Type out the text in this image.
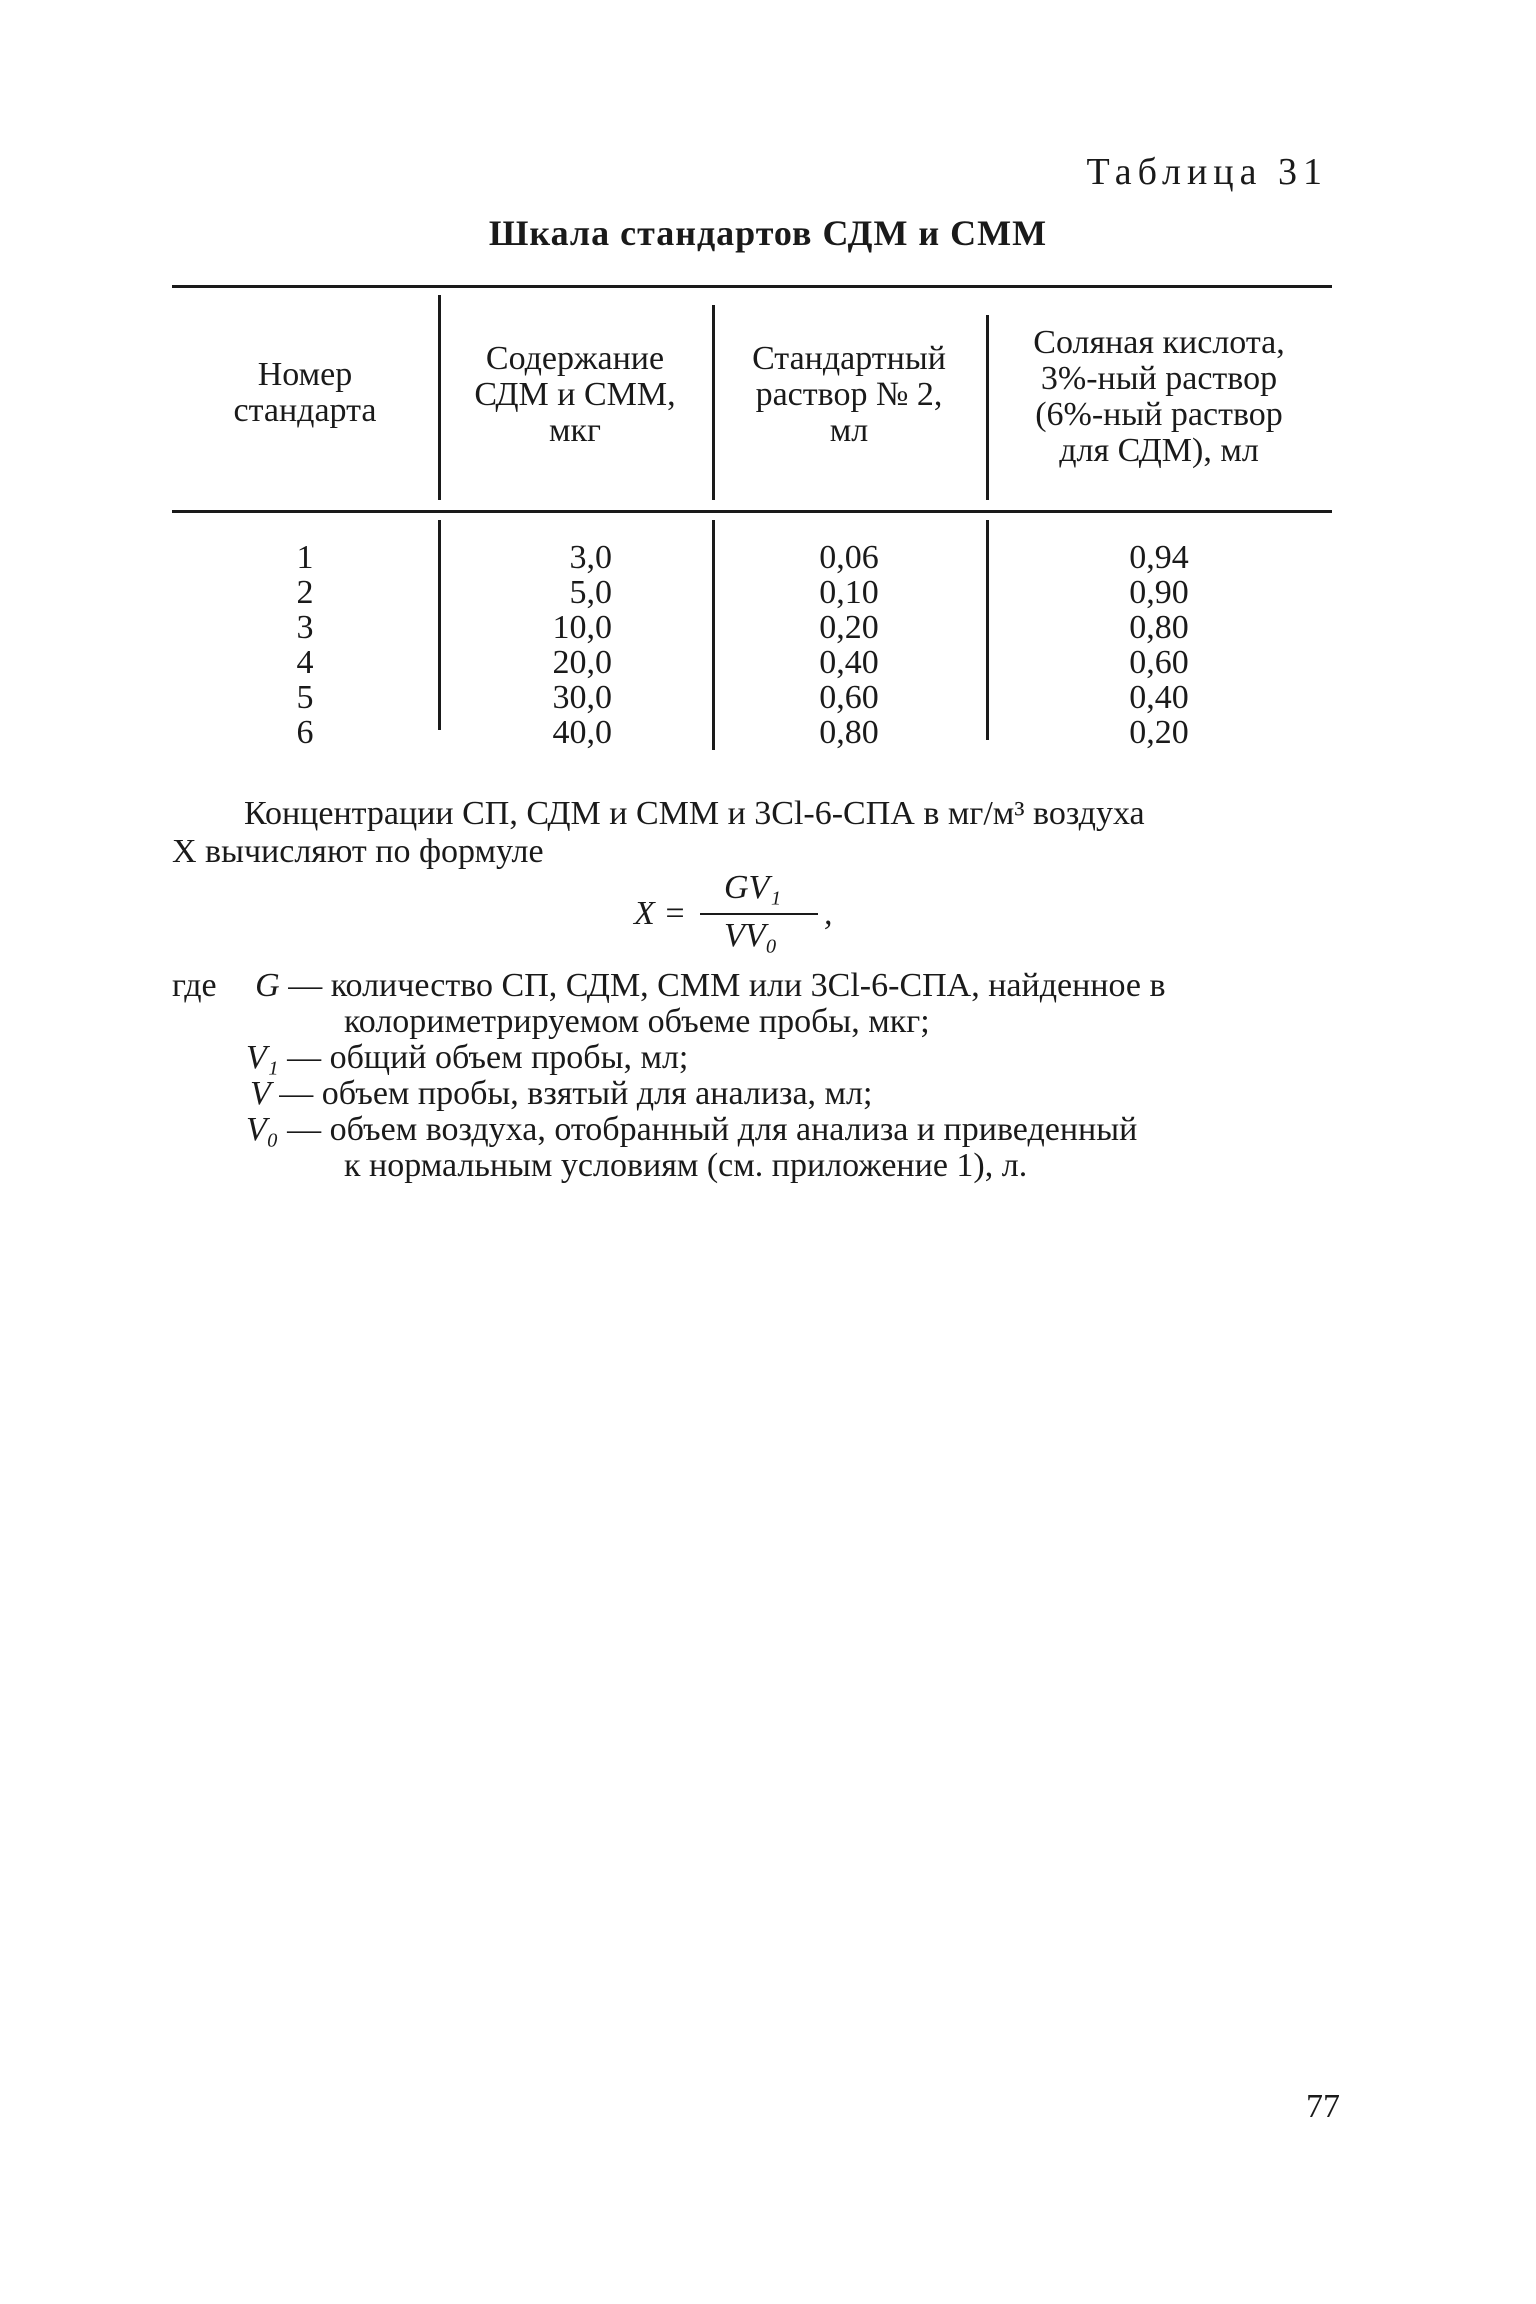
Таблица 31
Шкала стандартов СДМ и СММ
Номер
стандарта
Содержание
СДМ и СММ,
мкг
Стандартный
раствор № 2,
мл
Соляная кислота,
3%-ный раствор
(6%-ный раствор
для СДМ), мл
1
2
3
4
5
6
3,0
5,0
10,0
20,0
30,0
40,0
0,06
0,10
0,20
0,40
0,60
0,80
0,94
0,90
0,80
0,60
0,40
0,20
Концентрации СП, СДМ и СММ и 3Cl-6-СПА в мг/м³ воздуха
X вычисляют по формуле
X =
GV₁
VV₀
,
где G — количество СП, СДМ, СММ или 3Cl-6-СПА, найденное в
колориметрируемом объеме пробы, мкг;
V₁ — общий объем пробы, мл;
V — объем пробы, взятый для анализа, мл;
V₀ — объем воздуха, отобранный для анализа и приведенный
к нормальным условиям (см. приложение 1), л.
77
